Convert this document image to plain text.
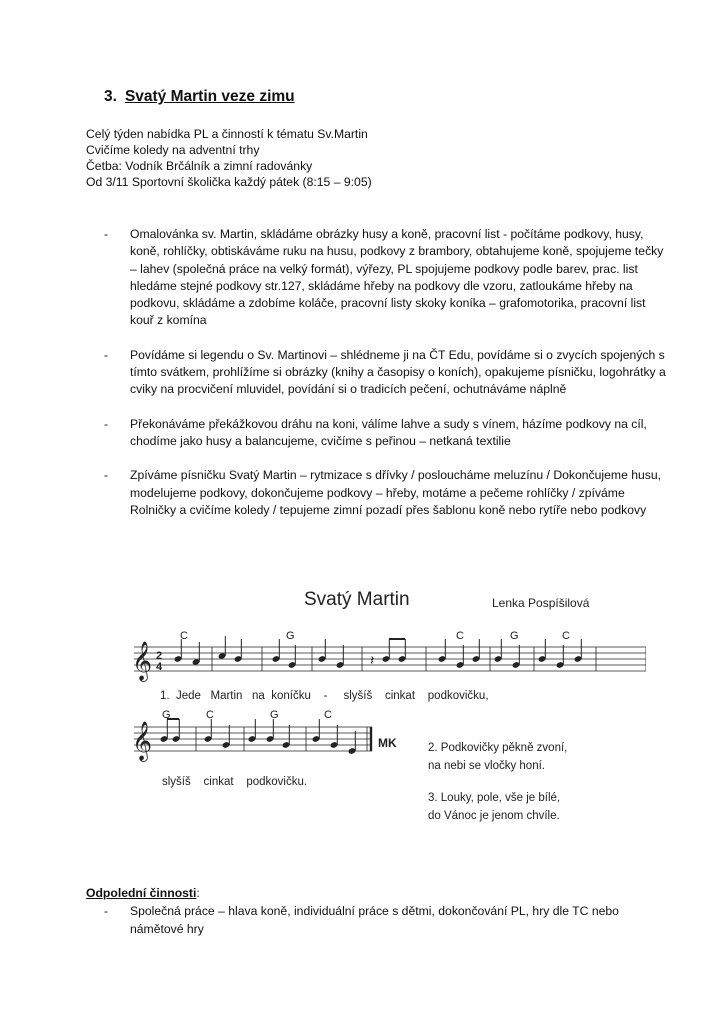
3. Svatý Martin veze zimu
Celý týden nabídka PL a činností k tématu Sv.Martin
Cvičíme koledy na adventní trhy
Četba: Vodník Brčálník a zimní radovánky
Od 3/11 Sportovní školička každý pátek (8:15 – 9:05)
- Omalovánka sv. Martin, skládáme obrázky husy a koně, pracovní list - počítáme podkovy, husy, koně, rohlíčky, obtiskáváme ruku na husu, podkovy z brambory, obtahujeme koně, spojujeme tečky – lahev (společná práce na velký formát), výřezy, PL spojujeme podkovy podle barev, prac. list hledáme stejné podkovy str.127, skládáme hřeby na podkovy dle vzoru, zatloukáme hřeby na podkovu, skládáme a zdobíme koláče, pracovní listy skoky koníka – grafomotorika, pracovní list kouř z komína
- Povídáme si legendu o Sv. Martinovi – shlédneme ji na ČT Edu, povídáme si o zvycích spojených s tímto svátkem, prohlížíme si obrázky (knihy a časopisy o koních), opakujeme písničku, logohrátky a cviky na procvičení mluvidel, povídání si o tradicích pečení, ochutnáváme náplně
- Překonáváme překážkovou dráhu na koni, válíme lahve a sudy s vínem, házíme podkovy na cíl, chodíme jako husy a balancujeme, cvičíme s peřinou – netkaná textilie
- Zpíváme písničku Svatý Martin – rytmizace s dřívky / posloucháme meluzínu / Dokončujeme husu, modelujeme podkovy, dokončujeme podkovy – hřeby, motáme a pečeme rohlíčky / zpíváme Rolničky a cvičíme koledy / tepujeme zimní pozadí přes šablonu koně nebo rytíře nebo podkovy
Svatý Martin	Lenka Pospíšilová
𝄞 2
4	𝄽
C	G	C	G	C
1.  Jede   Martin   na  koníčku    -     slyšíš    cinkat    podkovičku,
𝄞
G	C	G	C
MK
slyšíš    cinkat    podkovičku.
2. Podkovičky pěkně zvoní,
na nebi se vločky honí.
3. Louky, pole, vše je bílé,
do Vánoc je jenom chvíle.
Odpolední činnosti:
- Společná práce – hlava koně, individuální práce s dětmi, dokončování PL, hry dle TC nebo námětové hry
